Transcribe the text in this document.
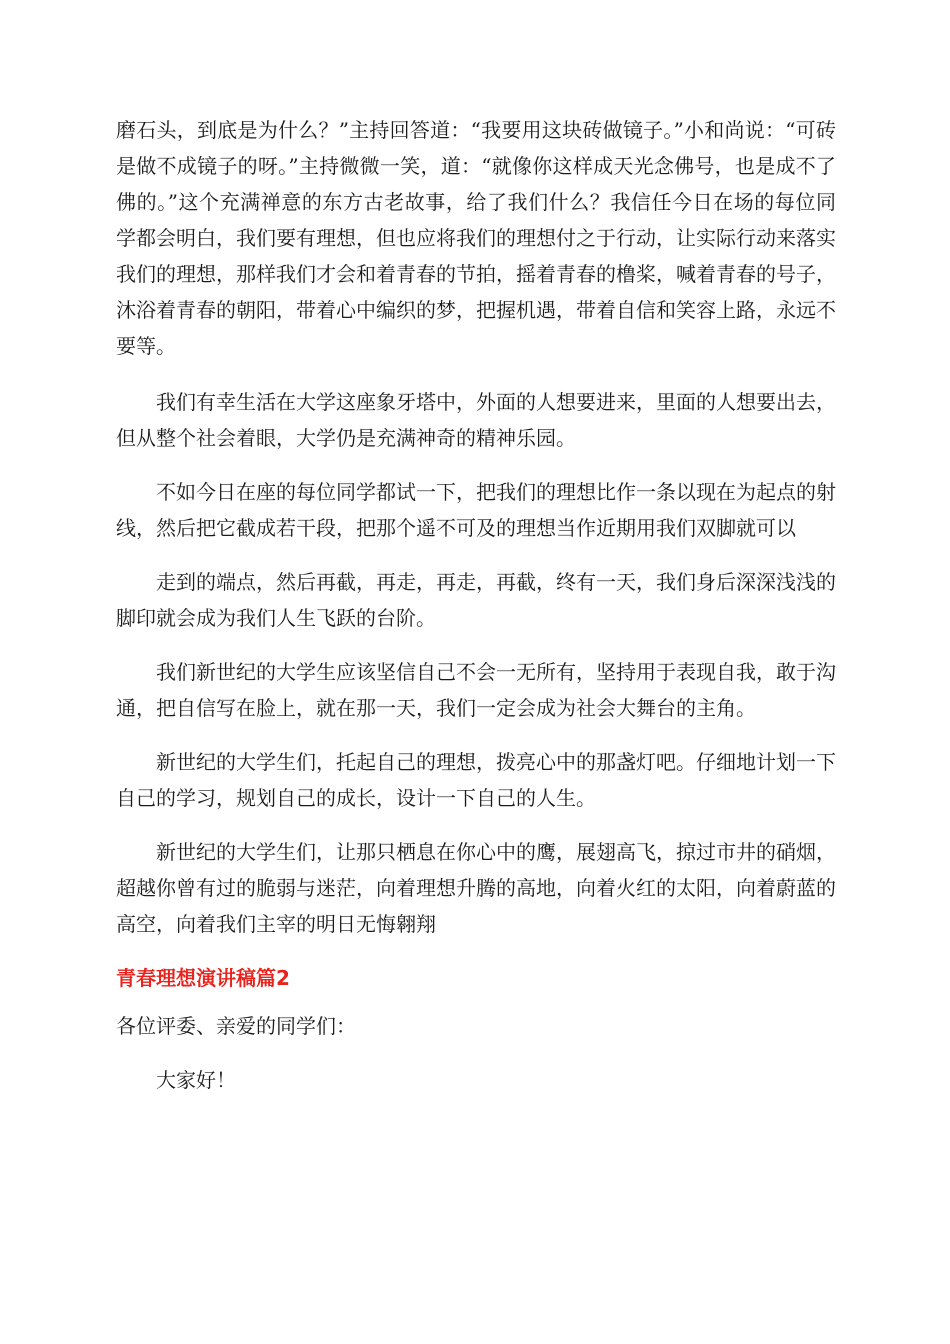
磨石头，到底是为什么？”主持回答道：“我要用这块砖做镜子。”小和尚说：“可砖是做不成镜子的呀。”主持微微一笑，道：“就像你这样成天光念佛号，也是成不了佛的。”这个充满禅意的东方古老故事，给了我们什么？我信任今日在场的每位同学都会明白，我们要有理想，但也应将我们的理想付之于行动，让实际行动来落实我们的理想，那样我们才会和着青春的节拍，摇着青春的橹桨，喊着青春的号子，沐浴着青春的朝阳，带着心中编织的梦，把握机遇，带着自信和笑容上路，永远不要等。

我们有幸生活在大学这座象牙塔中，外面的人想要进来，里面的人想要出去，但从整个社会着眼，大学仍是充满神奇的精神乐园。

不如今日在座的每位同学都试一下，把我们的理想比作一条以现在为起点的射线，然后把它截成若干段，把那个遥不可及的理想当作近期用我们双脚就可以

走到的端点，然后再截，再走，再走，再截，终有一天，我们身后深深浅浅的脚印就会成为我们人生飞跃的台阶。

我们新世纪的大学生应该坚信自己不会一无所有，坚持用于表现自我，敢于沟通，把自信写在脸上，就在那一天，我们一定会成为社会大舞台的主角。

新世纪的大学生们，托起自己的理想，拨亮心中的那盏灯吧。仔细地计划一下自己的学习，规划自己的成长，设计一下自己的人生。

新世纪的大学生们，让那只栖息在你心中的鹰，展翅高飞，掠过市井的硝烟，超越你曾有过的脆弱与迷茫，向着理想升腾的高地，向着火红的太阳，向着蔚蓝的高空，向着我们主宰的明日无悔翱翔

青春理想演讲稿篇2

各位评委、亲爱的同学们：

大家好！
